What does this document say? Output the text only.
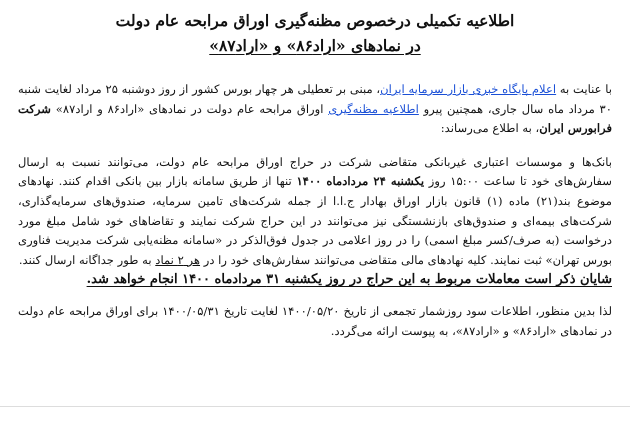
اطلاعیه تکمیلی درخصوص مظنه‌گیری اوراق مرابحه عام دولت
در نمادهای «اراد۸۶» و «اراد۸۷»

با عنایت به اعلام پایگاه خبری بازار سرمایه ایران، مبنی بر تعطیلی هر چهار بورس کشور از روز دوشنبه ۲۵ مرداد لغایت شنبه ۳۰ مرداد ماه سال جاری، همچنین پیرو اطلاعیه مظنه‌گیری اوراق مرابحه عام دولت در نمادهای «اراد۸۶ و اراد۸۷» شرکت فرابورس ایران، به اطلاع می‌رساند:

بانک‌ها و موسسات اعتباری غیربانکی متقاضی شرکت در حراج اوراق مرابحه عام دولت، می‌توانند نسبت به ارسال سفارش‌های خود تا ساعت ۱۵:۰۰ روز یکشنبه ۲۴ مردادماه ۱۴۰۰ تنها از طریق سامانه بازار بین بانکی اقدام کنند. نهادهای موضوع بند(۲۱) ماده (۱) قانون بازار اوراق بهادار ج.ا.ا از جمله شرکت‌های تامین سرمایه، صندوق‌های سرمایه‌گذاری، شرکت‌های بیمه‌ای و صندوق‌های بازنشستگی نیز می‌توانند در این حراج شرکت نمایند و تقاضاهای خود شامل مبلغ مورد درخواست (به صرف/کسر مبلغ اسمی) را در روز اعلامی در جدول فوق‌الذکر در «سامانه مظنه‌یابی شرکت مدیریت فناوری بورس تهران» ثبت نمایند. کلیه نهادهای مالی متقاضی می‌توانند سفارش‌های خود را در هر ۲ نماد به طور جداگانه ارسال کنند.

شایان ذکر است معاملات مربوط به این حراج در روز یکشنبه ۳۱ مردادماه ۱۴۰۰ انجام خواهد شد.

لذا بدین منظور، اطلاعات سود روزشمار تجمعی از تاریخ ۱۴۰۰/۰۵/۲۰ لغایت تاریخ ۱۴۰۰/۰۵/۳۱ برای اوراق مرابحه عام دولت در نمادهای «اراد۸۶» و «اراد۸۷»، به پیوست ارائه می‌گردد.
